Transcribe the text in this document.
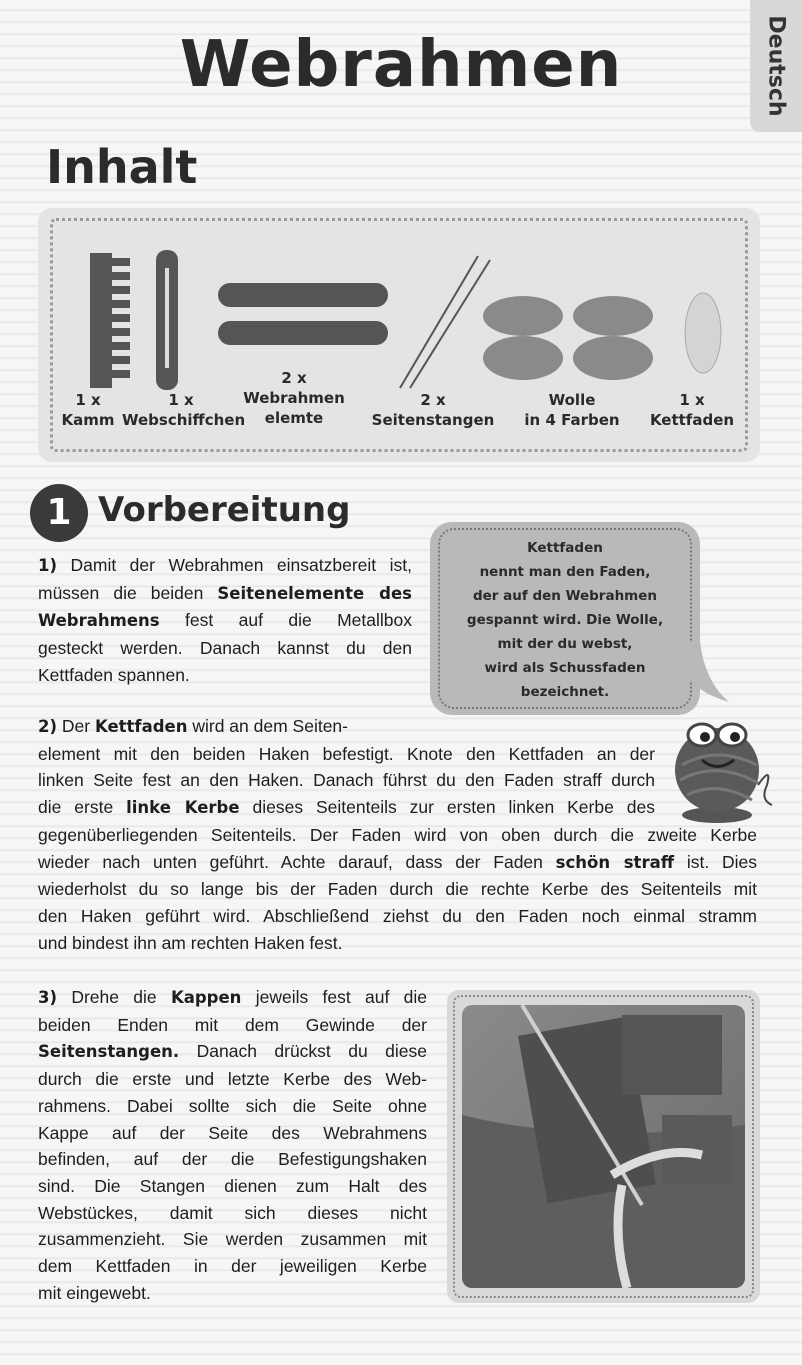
Webrahmen	Deutsch
Inhalt
1 x
Kamm
1 x
Webschiffchen
2 x
Webrahmen elemte
2 x
Seitenstangen
Wolle
in 4 Farben
1 x
Kettfaden
1 Vorbereitung
1) Damit der Webrahmen einsatzbereit ist,
müssen die beiden Seitenelemente des
Webrahmens fest auf die Metallbox
gesteckt werden. Danach kannst du den
Kettfaden spannen.
Kettfaden
nennt man den Faden,
der auf den Webrahmen
gespannt wird. Die Wolle,
mit der du webst,
wird als Schussfaden
bezeichnet.
2) Der Kettfaden wird an dem Seiten-
element mit den beiden Haken befestigt. Knote den Kettfaden an der
linken Seite fest an den Haken. Danach führst du den Faden straff durch
die erste linke Kerbe dieses Seitenteils zur ersten linken Kerbe des
gegenüberliegenden Seitenteils. Der Faden wird von oben durch die zweite Kerbe
wieder nach unten geführt. Achte darauf, dass der Faden schön straff ist. Dies
wiederholst du so lange bis der Faden durch die rechte Kerbe des Seitenteils mit
den Haken geführt wird. Abschließend ziehst du den Faden noch einmal stramm
und bindest ihn am rechten Haken fest.
3) Drehe die Kappen jeweils fest auf die
beiden Enden mit dem Gewinde der
Seitenstangen. Danach drückst du diese
durch die erste und letzte Kerbe des Web-
rahmens. Dabei sollte sich die Seite ohne
Kappe auf der Seite des Webrahmens
befinden, auf der die Befestigungshaken
sind. Die Stangen dienen zum Halt des
Webstückes, damit sich dieses nicht
zusammenzieht. Sie werden zusammen mit
dem Kettfaden in der jeweiligen Kerbe
mit eingewebt.
